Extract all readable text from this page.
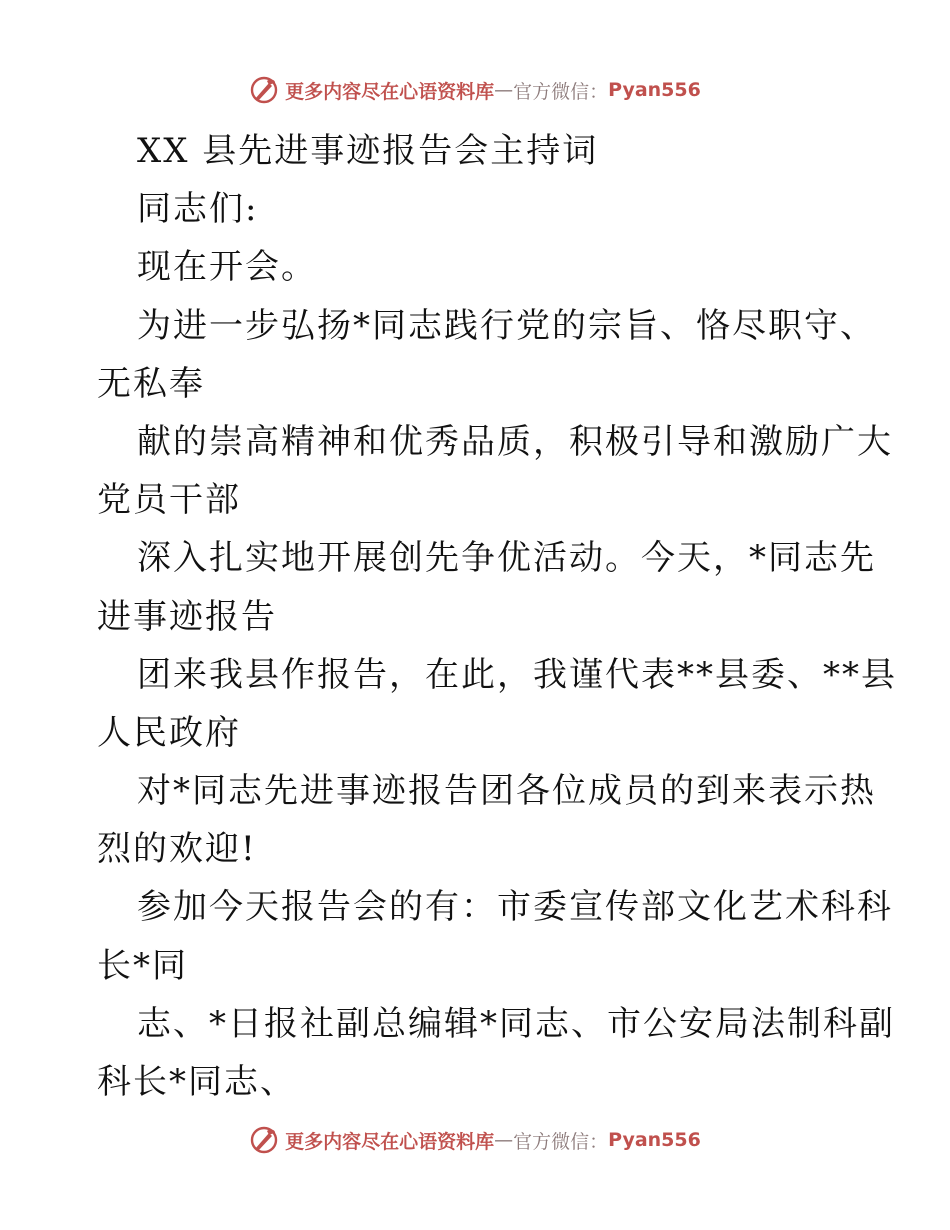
更多内容尽在心语资料库 — 官方微信： Pyan556
XX 县先进事迹报告会主持词
同志们:
现在开会。
为进一步弘扬*同志践行党的宗旨、恪尽职守、
无私奉
献的崇高精神和优秀品质，积极引导和激励广大
党员干部
深入扎实地开展创先争优活动。今天，*同志先
进事迹报告
团来我县作报告，在此，我谨代表**县委、**县
人民政府
对*同志先进事迹报告团各位成员的到来表示热
烈的欢迎!
参加今天报告会的有：市委宣传部文化艺术科科
长*同
志、*日报社副总编辑*同志、市公安局法制科副
科长*同志、
更多内容尽在心语资料库 — 官方微信： Pyan556
